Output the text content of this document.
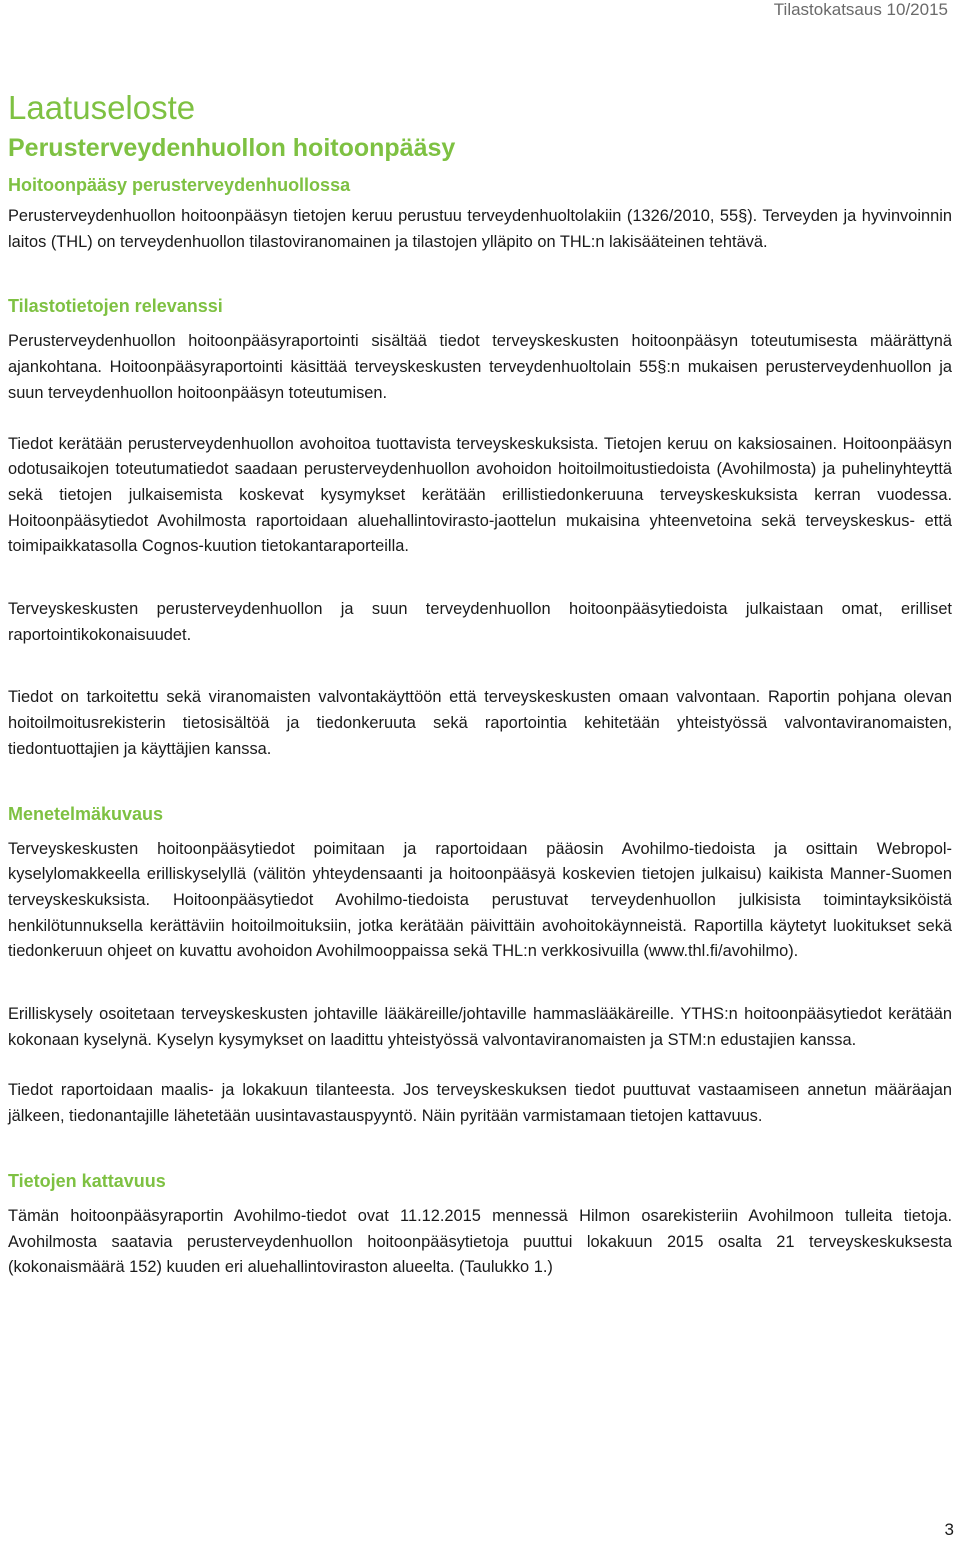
Tilastokatsaus 10/2015
Laatuseloste
Perusterveydenhuollon hoitoonpääsy
Hoitoonpääsy perusterveydenhuollossa

Perusterveydenhuollon hoitoonpääsyn tietojen keruu perustuu terveydenhuoltolakiin (1326/2010, 55§). Terveyden ja hyvinvoinnin laitos (THL) on terveydenhuollon tilastoviranomainen ja tilastojen ylläpito on THL:n lakisääteinen tehtävä.

Tilastotietojen relevanssi

Perusterveydenhuollon hoitoonpääsyraportointi sisältää tiedot terveyskeskusten hoitoonpääsyn toteutumisesta määrättynä ajankohtana. Hoitoonpääsyraportointi käsittää terveyskeskusten terveydenhuoltolain 55§:n mukaisen perusterveydenhuollon ja suun terveydenhuollon hoitoonpääsyn toteutumisen.

Tiedot kerätään perusterveydenhuollon avohoitoa tuottavista terveyskeskuksista. Tietojen keruu on kaksiosainen. Hoitoonpääsyn odotusaikojen toteutumatiedot saadaan perusterveydenhuollon avohoidon hoitoilmoitustiedoista (Avohilmosta) ja puhelinyhteyttä sekä tietojen julkaisemista koskevat kysymykset kerätään erillistiedonkeruuna terveyskeskuksista kerran vuodessa. Hoitoonpääsytiedot Avohilmosta raportoidaan aluehallintovirasto-jaottelun mukaisina yhteenvetoina sekä terveyskeskus- että toimipaikkatasolla Cognos-kuution tietokantaraporteilla.

Terveyskeskusten perusterveydenhuollon ja suun terveydenhuollon hoitoonpääsytiedoista julkaistaan omat, erilliset raportointikokonaisuudet.

Tiedot on tarkoitettu sekä viranomaisten valvontakäyttöön että terveyskeskusten omaan valvontaan. Raportin pohjana olevan hoitoilmoitusrekisterin tietosisältöä ja tiedonkeruuta sekä raportointia kehitetään yhteistyössä valvontaviranomaisten, tiedontuottajien ja käyttäjien kanssa.

Menetelmäkuvaus

Terveyskeskusten hoitoonpääsytiedot poimitaan ja raportoidaan pääosin Avohilmo-tiedoista ja osittain Webropol-kyselylomakkeella erilliskyselyllä (välitön yhteydensaanti ja hoitoonpääsyä koskevien tietojen julkaisu) kaikista Manner-Suomen terveyskeskuksista. Hoitoonpääsytiedot Avohilmo-tiedoista perustuvat terveydenhuollon julkisista toimintayksiköistä henkilötunnuksella kerättäviin hoitoilmoituksiin, jotka kerätään päivittäin avohoitokäynneistä. Raportilla käytetyt luokitukset sekä tiedonkeruun ohjeet on kuvattu avohoidon Avohilmooppaissa sekä THL:n verkkosivuilla (www.thl.fi/avohilmo).

Erilliskysely osoitetaan terveyskeskusten johtaville lääkäreille/johtaville hammaslääkäreille. YTHS:n hoitoonpääsytiedot kerätään kokonaan kyselynä. Kyselyn kysymykset on laadittu yhteistyössä valvontaviranomaisten ja STM:n edustajien kanssa.

Tiedot raportoidaan maalis- ja lokakuun tilanteesta. Jos terveyskeskuksen tiedot puuttuvat vastaamiseen annetun määräajan jälkeen, tiedonantajille lähetetään uusintavastauspyyntö. Näin pyritään varmistamaan tietojen kattavuus.

Tietojen kattavuus

Tämän hoitoonpääsyraportin Avohilmo-tiedot ovat 11.12.2015 mennessä Hilmon osarekisteriin Avohilmoon tulleita tietoja. Avohilmosta saatavia perusterveydenhuollon hoitoonpääsytietoja puuttui lokakuun 2015 osalta 21 terveyskeskuksesta (kokonaismäärä 152) kuuden eri aluehallintoviraston alueelta. (Taulukko 1.)

3
